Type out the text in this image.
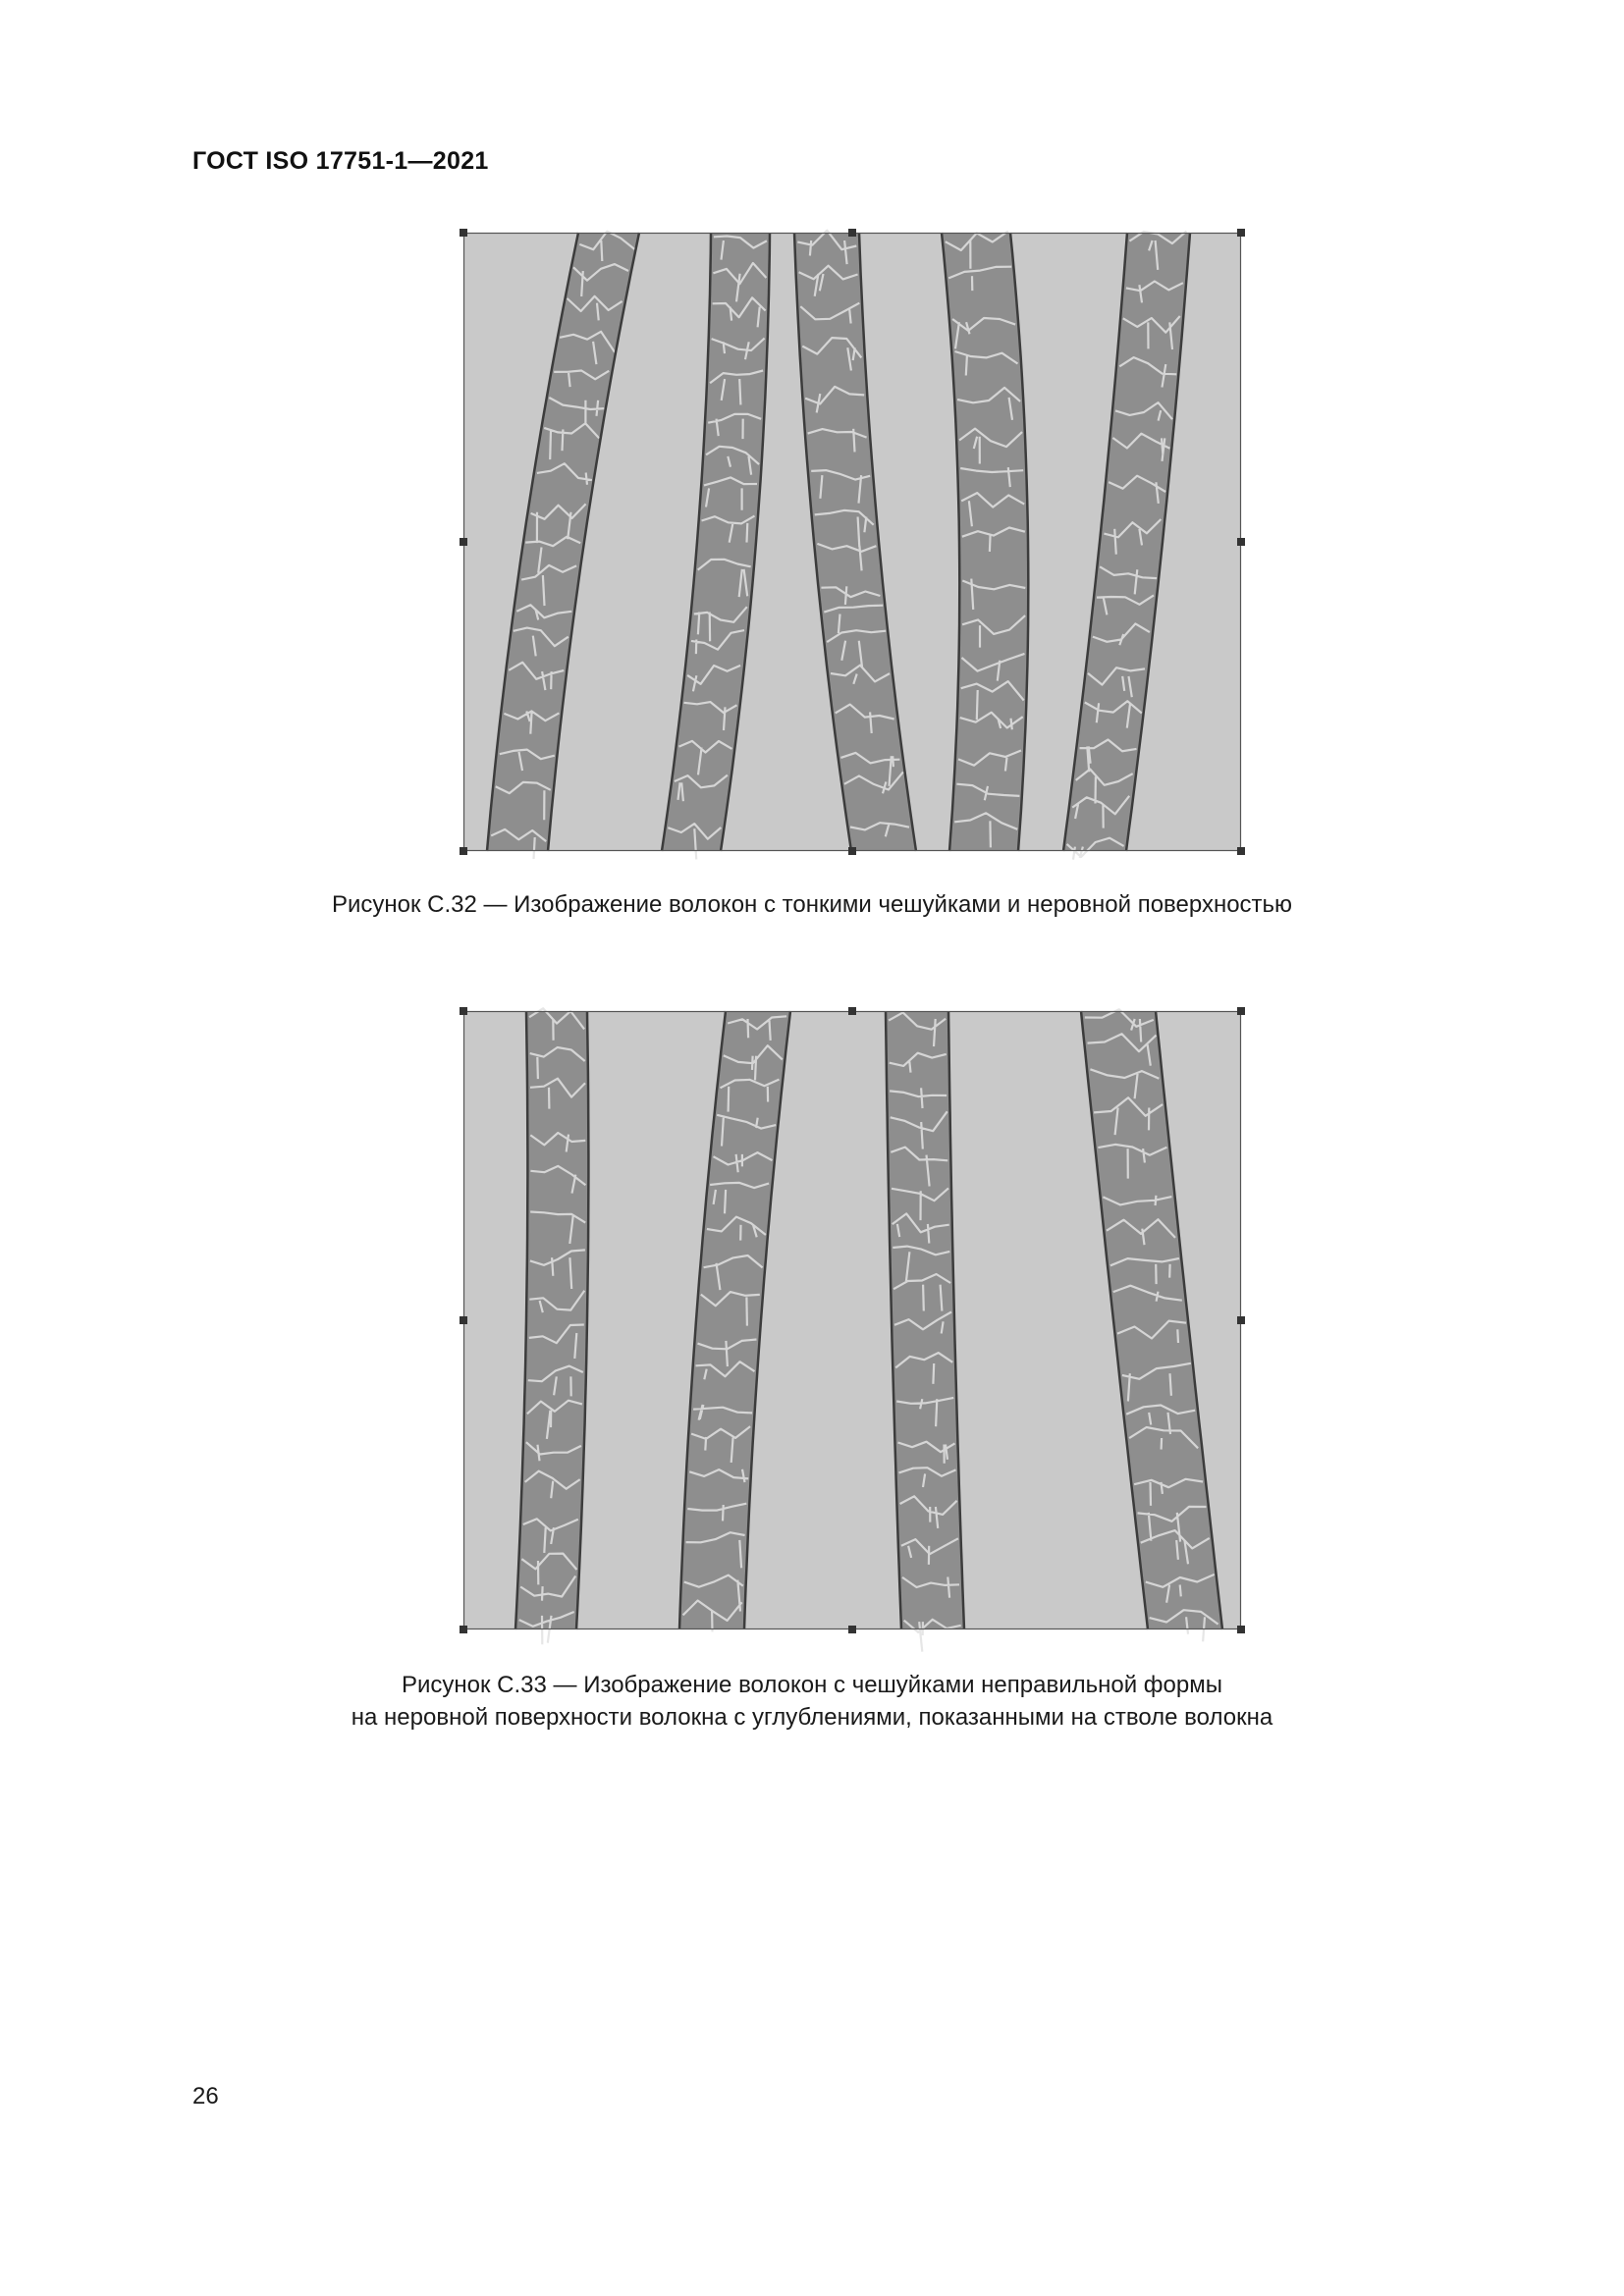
ГОСТ ISO 17751-1—2021
Рисунок С.32 — Изображение волокон с тонкими чешуйками и неровной поверхностью
Рисунок С.33 — Изображение волокон с чешуйками неправильной формы
на неровной поверхности волокна с углублениями, показанными на стволе волокна
26
